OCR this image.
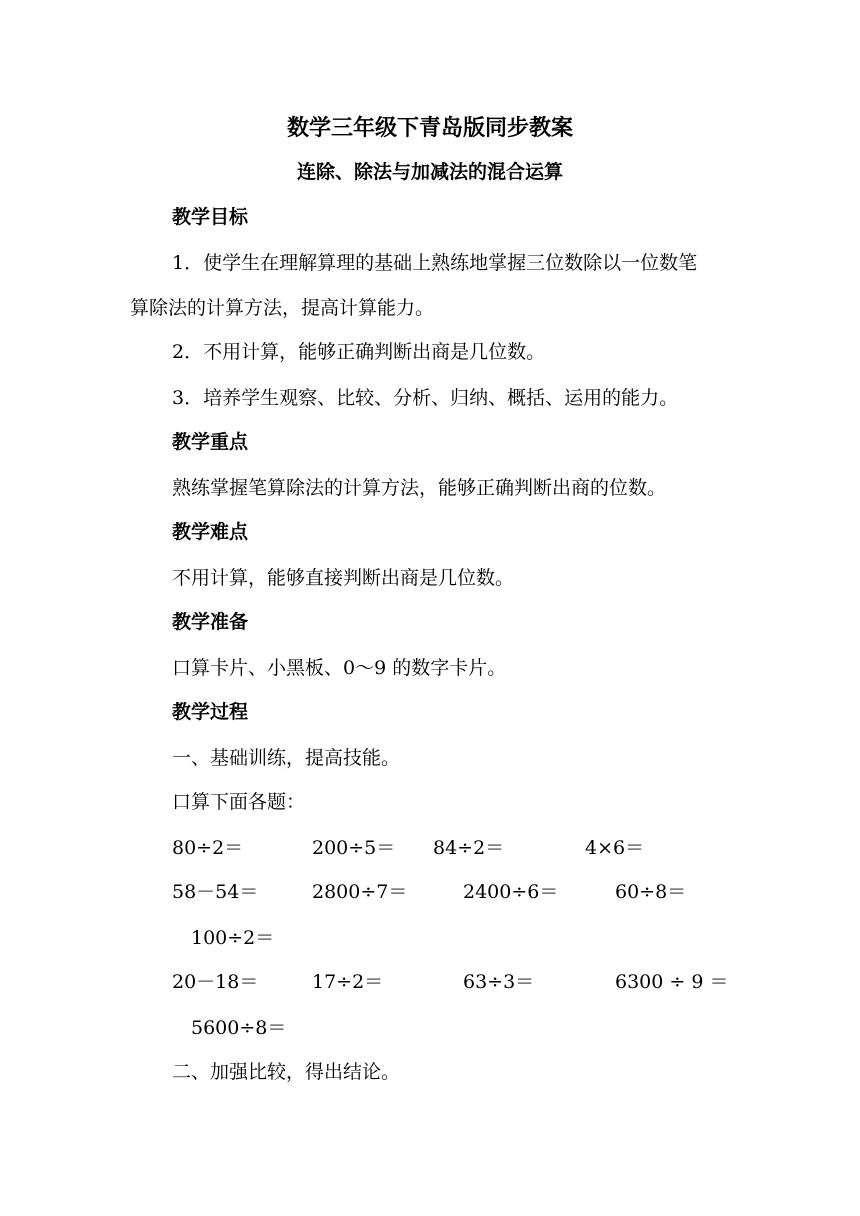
数学三年级下青岛版同步教案
连除、除法与加减法的混合运算
教学目标
1．使学生在理解算理的基础上熟练地掌握三位数除以一位数笔
算除法的计算方法，提高计算能力。
2．不用计算，能够正确判断出商是几位数。
3．培养学生观察、比较、分析、归纳、概括、运用的能力。
教学重点
熟练掌握笔算除法的计算方法，能够正确判断出商的位数。
教学难点
不用计算，能够直接判断出商是几位数。
教学准备
口算卡片、小黑板、0～9 的数字卡片。
教学过程
一、基础训练，提高技能。
口算下面各题：
80÷2＝	200÷5＝ 84÷2＝	4×6＝
58－54＝	2800÷7＝	2400÷6＝	60÷8＝
100÷2＝
20－18＝	17÷2＝	63÷3＝	6300 ÷ 9 ＝
5600÷8＝
二、加强比较，得出结论。
